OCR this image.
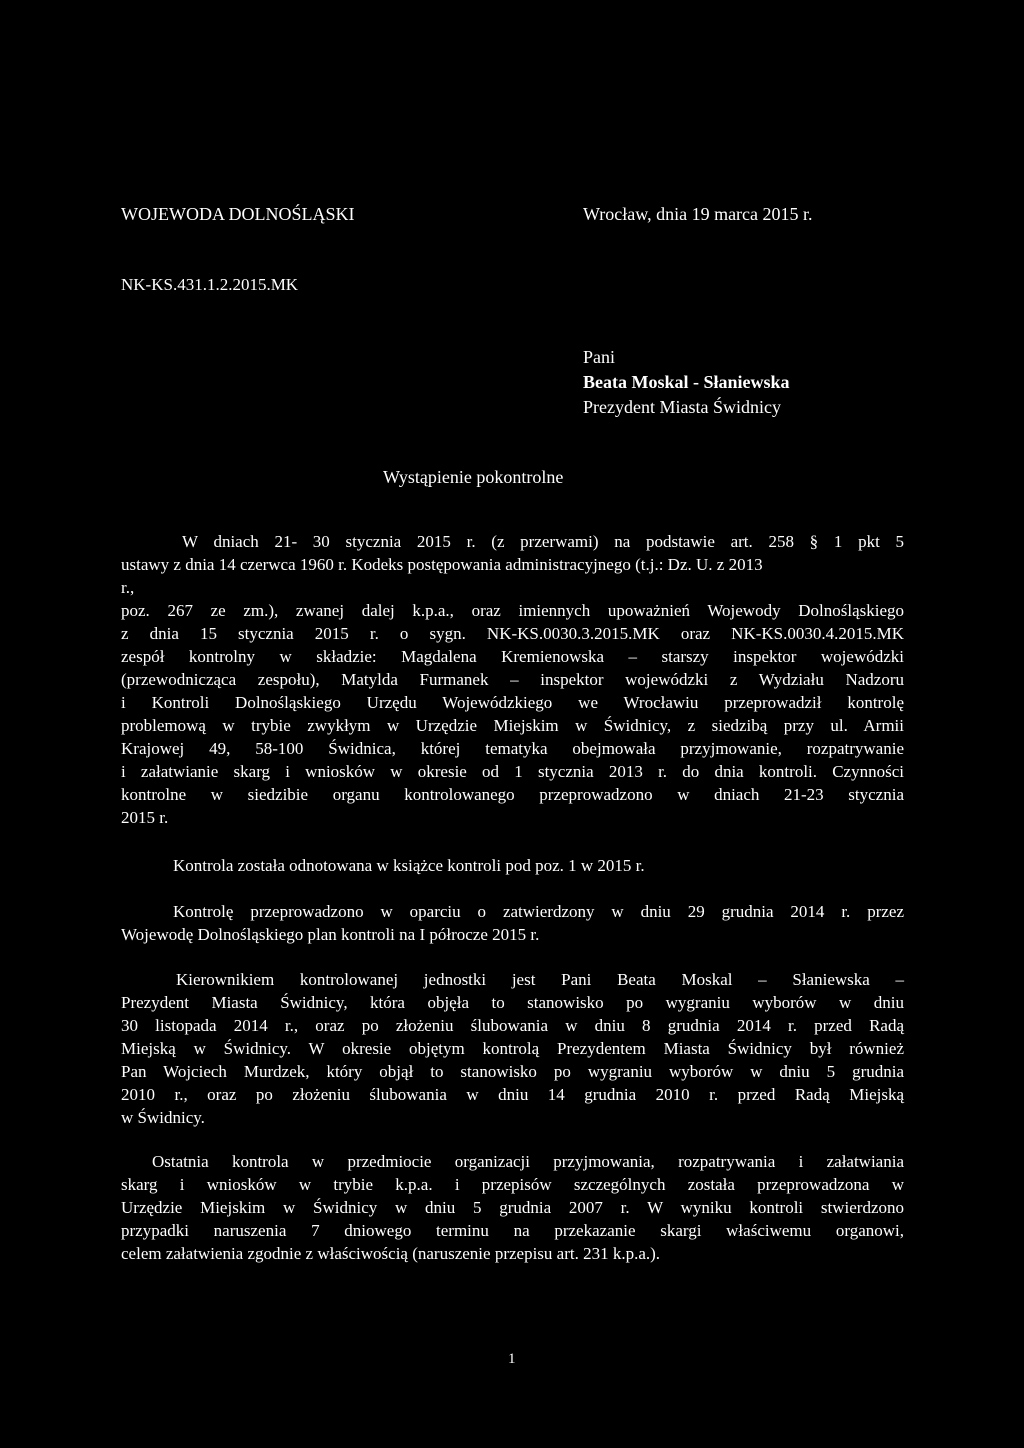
WOJEWODA DOLNOŚLĄSKI	Wrocław, dnia 19 marca 2015 r.
NK-KS.431.1.2.2015.MK
Pani
Beata Moskal - Słaniewska
Prezydent Miasta Świdnicy
Wystąpienie pokontrolne
W dniach 21- 30 stycznia 2015 r. (z przerwami) na podstawie art. 258 § 1 pkt 5
ustawy z dnia 14 czerwca 1960 r. Kodeks postępowania administracyjnego (t.j.: Dz. U. z 2013
r.,
poz. 267 ze zm.), zwanej dalej k.p.a., oraz imiennych upoważnień Wojewody Dolnośląskiego
z dnia 15 stycznia 2015 r. o sygn. NK-KS.0030.3.2015.MK oraz NK-KS.0030.4.2015.MK
zespół kontrolny w składzie: Magdalena Kremienowska – starszy inspektor wojewódzki
(przewodnicząca zespołu), Matylda Furmanek – inspektor wojewódzki z Wydziału Nadzoru
i Kontroli Dolnośląskiego Urzędu Wojewódzkiego we Wrocławiu przeprowadził kontrolę
problemową w trybie zwykłym w Urzędzie Miejskim w Świdnicy, z siedzibą przy ul. Armii
Krajowej 49, 58-100 Świdnica, której tematyka obejmowała przyjmowanie, rozpatrywanie
i załatwianie skarg i wniosków w okresie od 1 stycznia 2013 r. do dnia kontroli. Czynności
kontrolne w siedzibie organu kontrolowanego przeprowadzono w dniach 21-23 stycznia
2015 r.
Kontrola została odnotowana w książce kontroli pod poz. 1 w 2015 r.
Kontrolę przeprowadzono w oparciu o zatwierdzony w dniu 29 grudnia 2014 r. przez
Wojewodę Dolnośląskiego plan kontroli na I półrocze 2015 r.
Kierownikiem kontrolowanej jednostki jest Pani Beata Moskal – Słaniewska –
Prezydent Miasta Świdnicy, która objęła to stanowisko po wygraniu wyborów w dniu
30 listopada 2014 r., oraz po złożeniu ślubowania w dniu 8 grudnia 2014 r. przed Radą
Miejską w Świdnicy. W okresie objętym kontrolą Prezydentem Miasta Świdnicy był również
Pan Wojciech Murdzek, który objął to stanowisko po wygraniu wyborów w dniu 5 grudnia
2010 r., oraz po złożeniu ślubowania w dniu 14 grudnia 2010 r. przed Radą Miejską
w Świdnicy.
Ostatnia kontrola w przedmiocie organizacji przyjmowania, rozpatrywania i załatwiania
skarg i wniosków w trybie k.p.a. i przepisów szczególnych została przeprowadzona w
Urzędzie Miejskim w Świdnicy w dniu 5 grudnia 2007 r. W wyniku kontroli stwierdzono
przypadki naruszenia 7 dniowego terminu na przekazanie skargi właściwemu organowi,
celem załatwienia zgodnie z właściwością (naruszenie przepisu art. 231 k.p.a.).
1
